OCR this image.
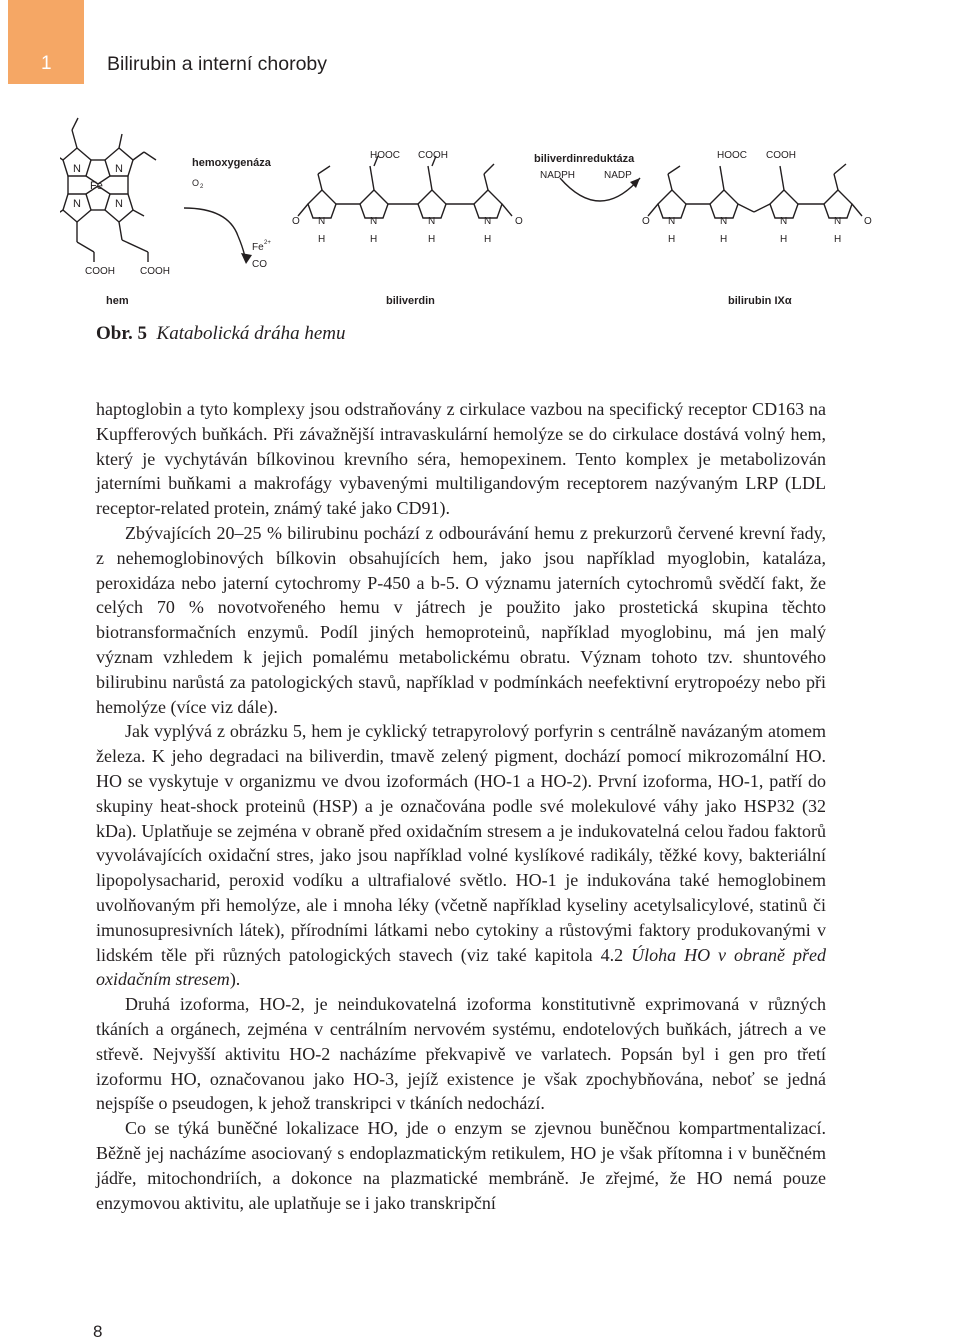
1	Bilirubin a interní choroby
N	N
N	N
Fe
COOH	COOH
hemoxygenáza
O 2
Fe 2+
CO
HOOC COOH
O	O
N	N	N	N
H	H	H	H
biliverdinreduktáza
NADPH	NADP
HOOC COOH
O	O
N	N	N	N
H	H	H	H
hem	biliverdin	bilirubin IXα
Obr. 5 Katabolická dráha hemu

haptoglobin a tyto komplexy jsou odstraňovány z cirkulace vazbou na specifický receptor CD163 na Kupfferových buňkách. Při závažnější intravaskulární hemolýze se do cirkulace dostává volný hem, který je vychytáván bílkovinou krevního séra, hemopexinem. Tento komplex je metabolizován jaterními buňkami a makrofágy vybavenými multiligandovým receptorem nazývaným LRP (LDL receptor-related protein, známý také jako CD91).

Zbývajících 20–25 % bilirubinu pochází z odbourávání hemu z prekurzorů červené krevní řady, z nehemoglobinových bílkovin obsahujících hem, jako jsou například myoglobin, kataláza, peroxidáza nebo jaterní cytochromy P-450 a b-5. O významu jaterních cytochromů svědčí fakt, že celých 70 % novotvořeného hemu v játrech je použito jako prostetická skupina těchto biotransformačních enzymů. Podíl jiných hemoproteinů, například myoglobinu, má jen malý význam vzhledem k jejich pomalému metabolickému obratu. Význam tohoto tzv. shuntového bilirubinu narůstá za patologických stavů, například v podmínkách neefektivní erytropoézy nebo při hemolýze (více viz dále).

Jak vyplývá z obrázku 5, hem je cyklický tetrapyrolový porfyrin s centrálně navázaným atomem železa. K jeho degradaci na biliverdin, tmavě zelený pigment, dochází pomocí mikrozomální HO. HO se vyskytuje v organizmu ve dvou izoformách (HO-1 a HO-2). První izoforma, HO-1, patří do skupiny heat-shock proteinů (HSP) a je označována podle své molekulové váhy jako HSP32 (32 kDa). Uplatňuje se zejména v obraně před oxidačním stresem a je indukovatelná celou řadou faktorů vyvolávajících oxidační stres, jako jsou například volné kyslíkové radikály, těžké kovy, bakteriální lipopolysacharid, peroxid vodíku a ultrafialové světlo. HO-1 je indukována také hemoglobinem uvolňovaným při hemolýze, ale i mnoha léky (včetně například kyseliny acetylsalicylové, statinů či imunosupresivních látek), přírodními látkami nebo cytokiny a růstovými faktory produkovanými v lidském těle při různých patologických stavech (viz také kapitola 4.2 Úloha HO v obraně před oxidačním stresem).

Druhá izoforma, HO-2, je neindukovatelná izoforma konstitutivně exprimovaná v různých tkáních a orgánech, zejména v centrálním nervovém systému, endotelových buňkách, játrech a ve střevě. Nejvyšší aktivitu HO-2 nacházíme překvapivě ve varlatech. Popsán byl i gen pro třetí izoformu HO, označovanou jako HO-3, jejíž existence je však zpochybňována, neboť se jedná nejspíše o pseudogen, k jehož transkripci v tkáních nedochází.

Co se týká buněčné lokalizace HO, jde o enzym se zjevnou buněčnou kompartmentalizací. Běžně jej nacházíme asociovaný s endoplazmatickým retikulem, HO je však přítomna i v buněčném jádře, mitochondriích, a dokonce na plazmatické membráně. Je zřejmé, že HO nemá pouze enzymovou aktivitu, ale uplatňuje se i jako transkripční

8
